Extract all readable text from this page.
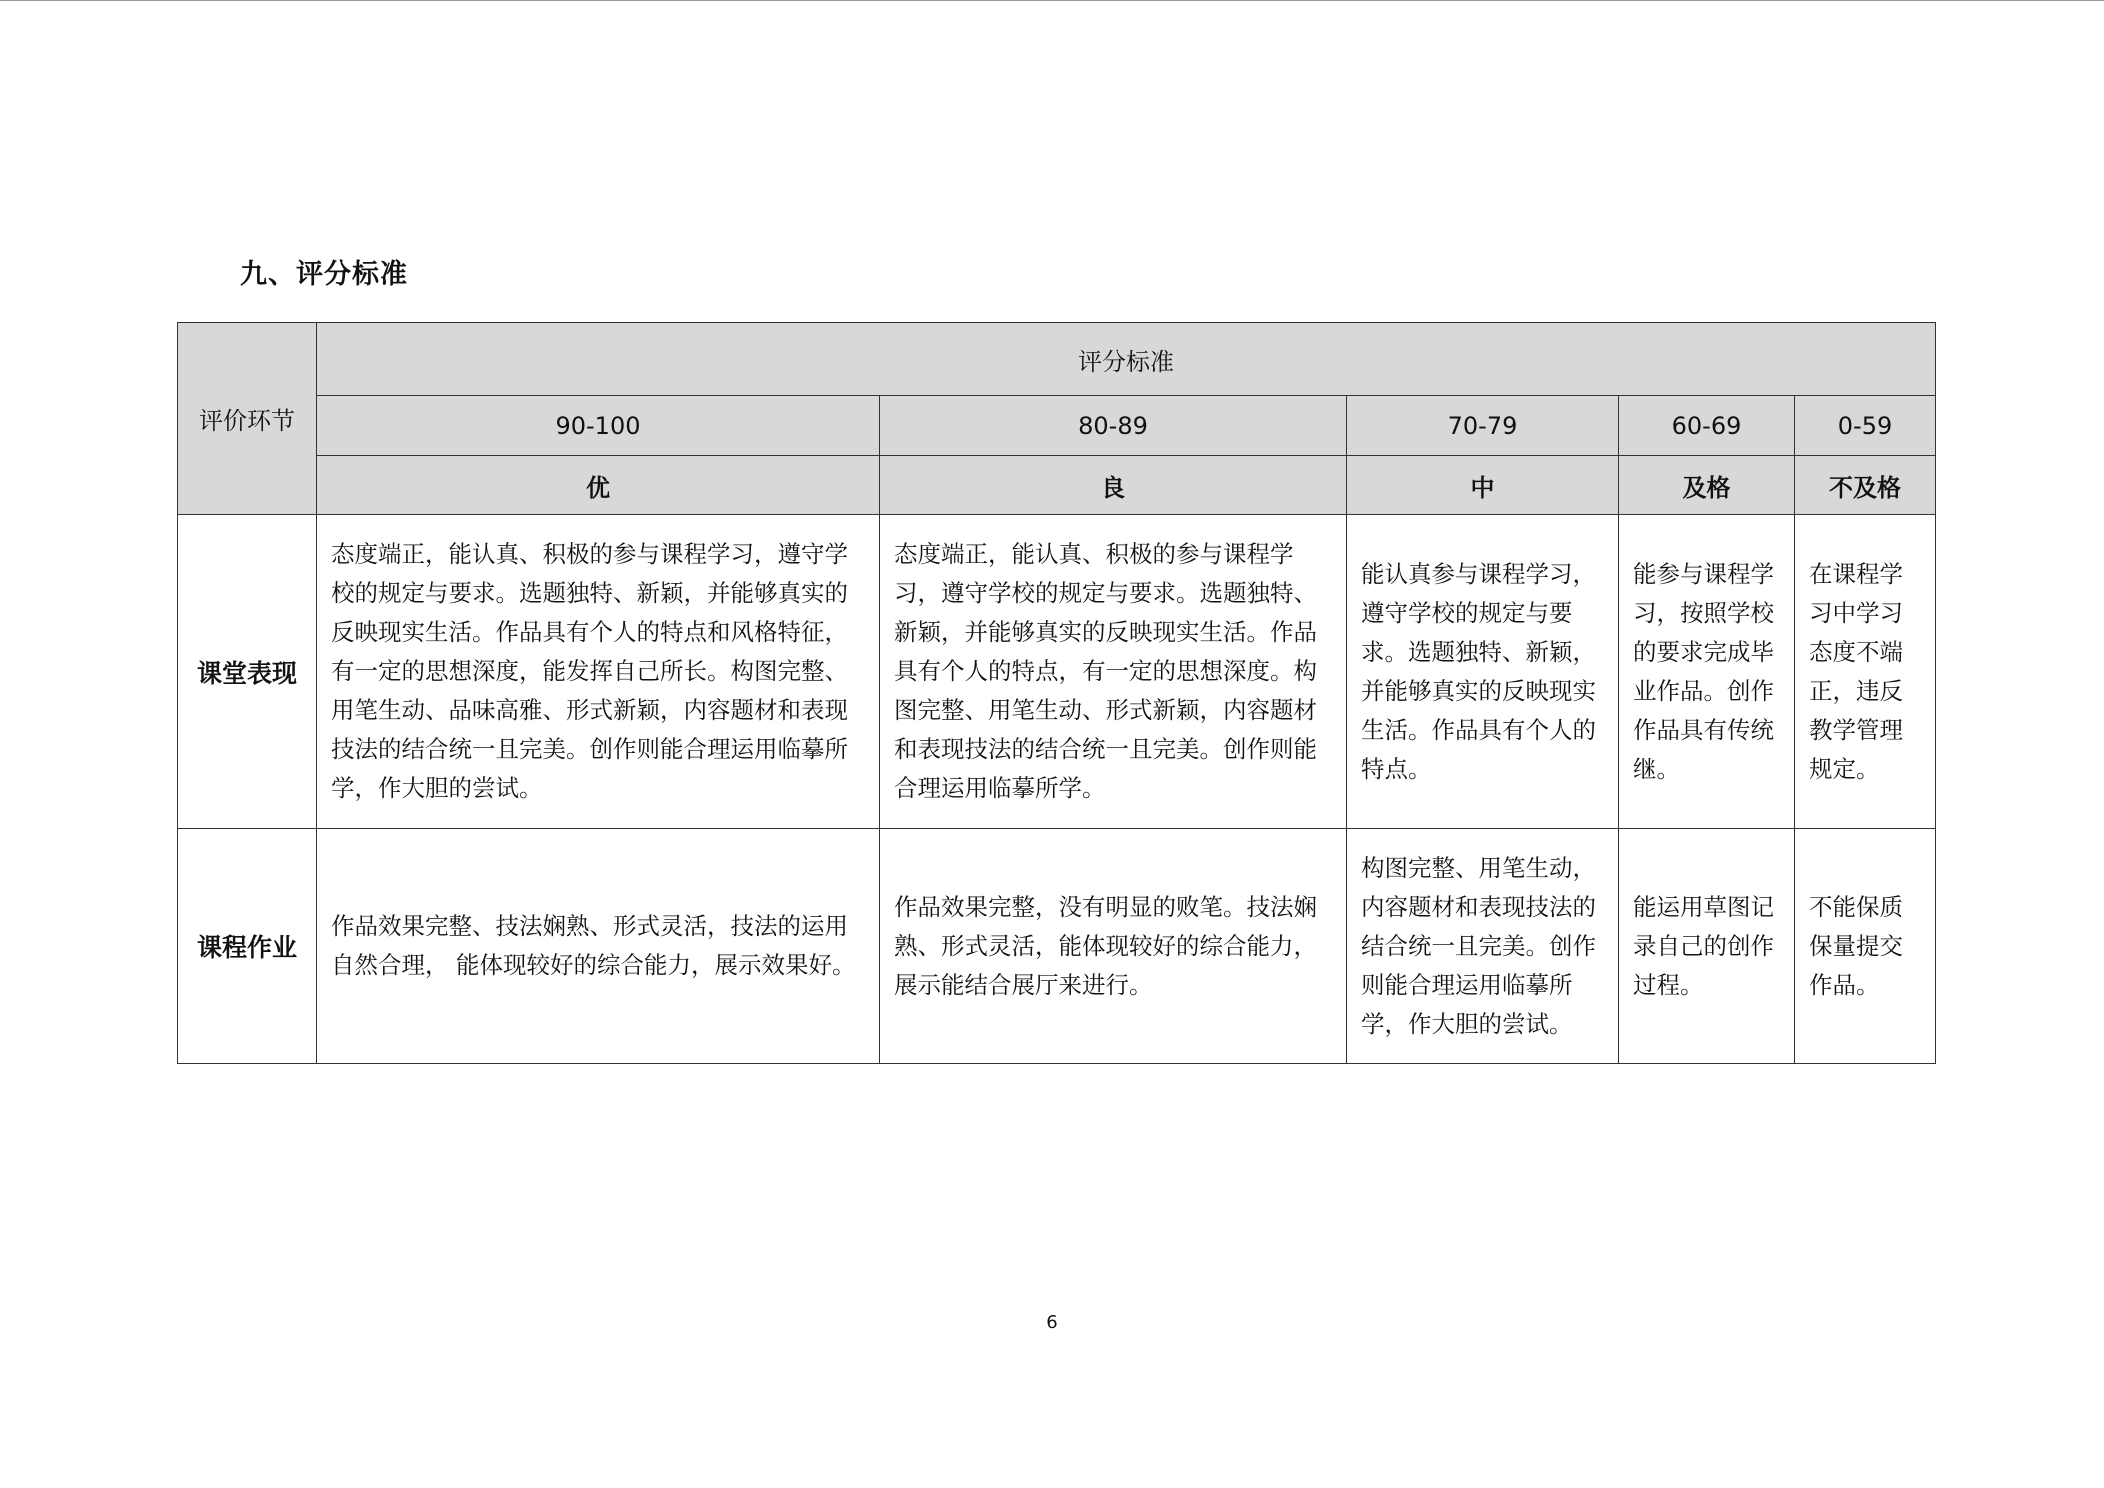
九、评分标准
评价环节	评分标准				
	90-100	80-89	70-79	60-69	0-59
	优	良	中	及格	不及格
课堂表现	态度端正，能认真、积极的参与课程学习，遵守学校的规定与要求。选题独特、新颖，并能够真实的反映现实生活。作品具有个人的特点和风格特征，有一定的思想深度，能发挥自己所长。构图完整、用笔生动、品味高雅、形式新颖，内容题材和表现技法的结合统一且完美。创作则能合理运用临摹所学，作大胆的尝试。	态度端正，能认真、积极的参与课程学习，遵守学校的规定与要求。选题独特、新颖，并能够真实的反映现实生活。作品具有个人的特点，有一定的思想深度。构图完整、用笔生动、形式新颖，内容题材和表现技法的结合统一且完美。创作则能合理运用临摹所学。	能认真参与课程学习，遵守学校的规定与要求。选题独特、新颖，并能够真实的反映现实生活。作品具有个人的特点。	能参与课程学习，按照学校的要求完成毕业作品。创作作品具有传统继。	在课程学习中学习态度不端正，违反教学管理规定。
课程作业	作品效果完整、技法娴熟、形式灵活，技法的运用自然合理， 能体现较好的综合能力，展示效果好。	作品效果完整，没有明显的败笔。技法娴熟、形式灵活，能体现较好的综合能力，展示能结合展厅来进行。	构图完整、用笔生动，内容题材和表现技法的结合统一且完美。创作则能合理运用临摹所学，作大胆的尝试。	能运用草图记录自己的创作过程。	不能保质保量提交作品。
6
